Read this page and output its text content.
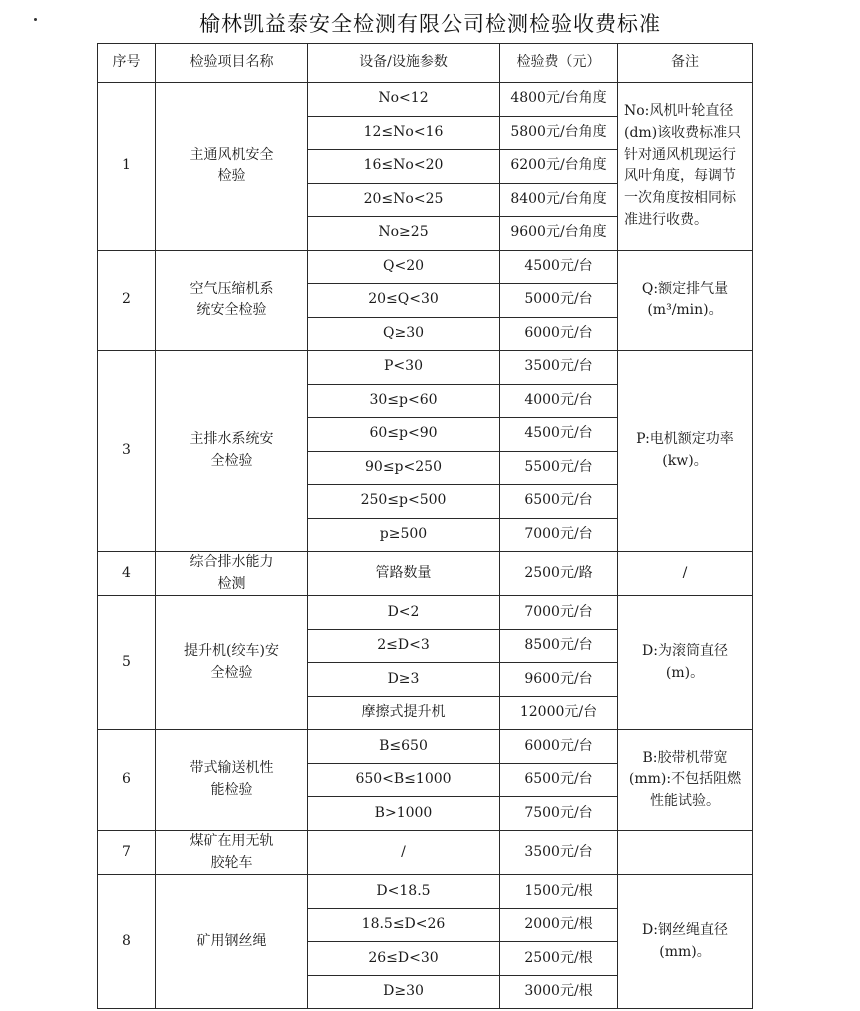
榆林凯益泰安全检测有限公司检测检验收费标准
序号	检验项目名称	设备/设施参数	检验费（元）	备注
1	主通风机安全检验	No<12	4800元/台角度	No:风机叶轮直径(dm)该收费标准只针对通风机现运行风叶角度，每调节一次角度按相同标准进行收费。
		12≤No<16	5800元/台角度	
		16≤No<20	6200元/台角度	
		20≤No<25	8400元/台角度	
		No≥25	9600元/台角度	
2	空气压缩机系统安全检验	Q<20	4500元/台	Q:额定排气量(m³/min)。
		20≤Q<30	5000元/台	
		Q≥30	6000元/台	
3	主排水系统安全检验	P<30	3500元/台	P:电机额定功率(kw)。
		30≤p<60	4000元/台	
		60≤p<90	4500元/台	
		90≤p<250	5500元/台	
		250≤p<500	6500元/台	
		p≥500	7000元/台	
4	综合排水能力检测	管路数量	2500元/路	/
5	提升机(绞车)安全检验	D<2	7000元/台	D:为滚筒直径(m)。
		2≤D<3	8500元/台	
		D≥3	9600元/台	
		摩擦式提升机	12000元/台	
6	带式输送机性能检验	B≤650	6000元/台	B:胶带机带宽(mm):不包括阻燃性能试验。
		650<B≤1000	6500元/台	
		B>1000	7500元/台	
7	煤矿在用无轨胶轮车	/	3500元/台	
8	矿用钢丝绳	D<18.5	1500元/根	D:钢丝绳直径(mm)。
		18.5≤D<26	2000元/根	
		26≤D<30	2500元/根	
		D≥30	3000元/根	
